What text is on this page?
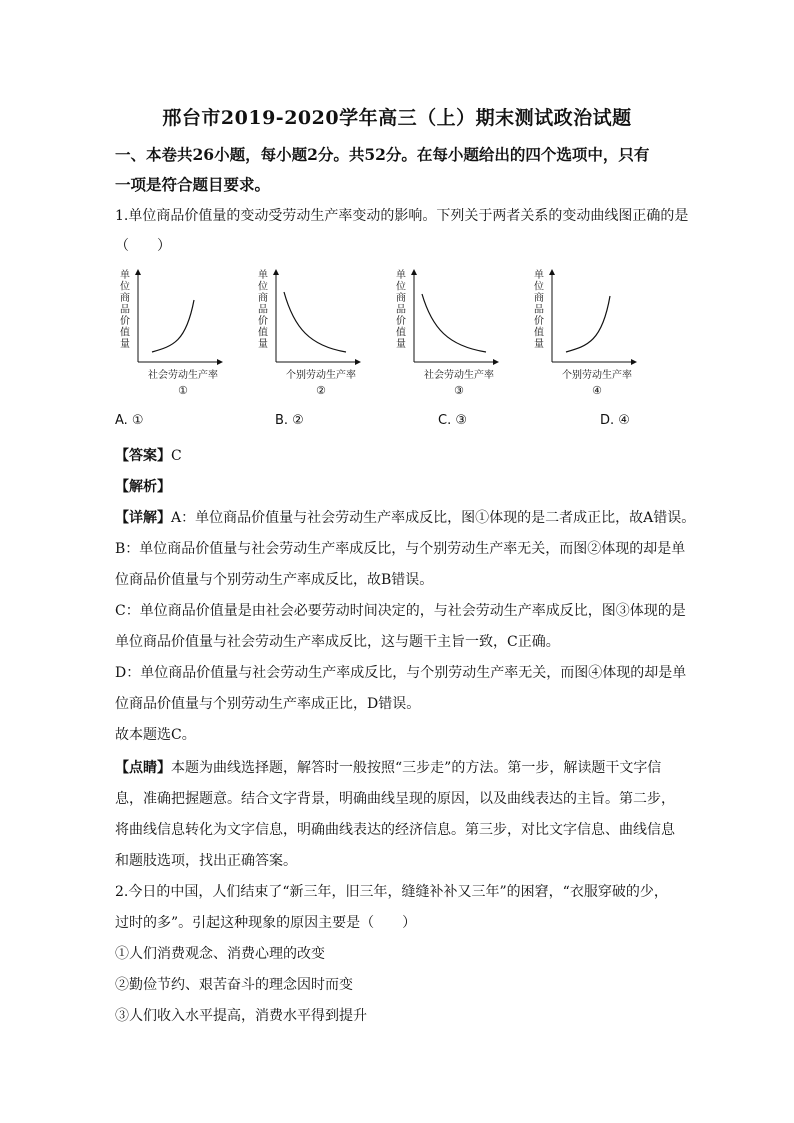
邢台市2019-2020学年高三（上）期末测试政治试题
一、本卷共26小题，每小题2分。共52分。在每小题给出的四个选项中，只有
一项是符合题目要求。
1.单位商品价值量的变动受劳动生产率变动的影响。下列关于两者关系的变动曲线图正确的是
（　　）
单位商品价值量
社会劳动生产率
①
单位商品价值量
个别劳动生产率
②
单位商品价值量
社会劳动生产率
③
单位商品价值量
个别劳动生产率
④
A. ①	B. ②	C. ③	D. ④
【答案】C
【解析】
【详解】A：单位商品价值量与社会劳动生产率成反比，图①体现的是二者成正比，故A错误。
B：单位商品价值量与社会劳动生产率成反比，与个别劳动生产率无关，而图②体现的却是单
位商品价值量与个别劳动生产率成反比，故B错误。
C：单位商品价值量是由社会必要劳动时间决定的，与社会劳动生产率成反比，图③体现的是
单位商品价值量与社会劳动生产率成反比，这与题干主旨一致，C正确。
D：单位商品价值量与社会劳动生产率成反比，与个别劳动生产率无关，而图④体现的却是单
位商品价值量与个别劳动生产率成正比，D错误。
故本题选C。
【点睛】本题为曲线选择题，解答时一般按照“三步走”的方法。第一步，解读题干文字信
息，准确把握题意。结合文字背景，明确曲线呈现的原因，以及曲线表达的主旨。第二步，
将曲线信息转化为文字信息，明确曲线表达的经济信息。第三步，对比文字信息、曲线信息
和题肢选项，找出正确答案。
2.今日的中国，人们结束了“新三年，旧三年，缝缝补补又三年”的困窘，“衣服穿破的少，
过时的多”。引起这种现象的原因主要是（　　）
①人们消费观念、消费心理的改变
②勤俭节约、艰苦奋斗的理念因时而变
③人们收入水平提高，消费水平得到提升
